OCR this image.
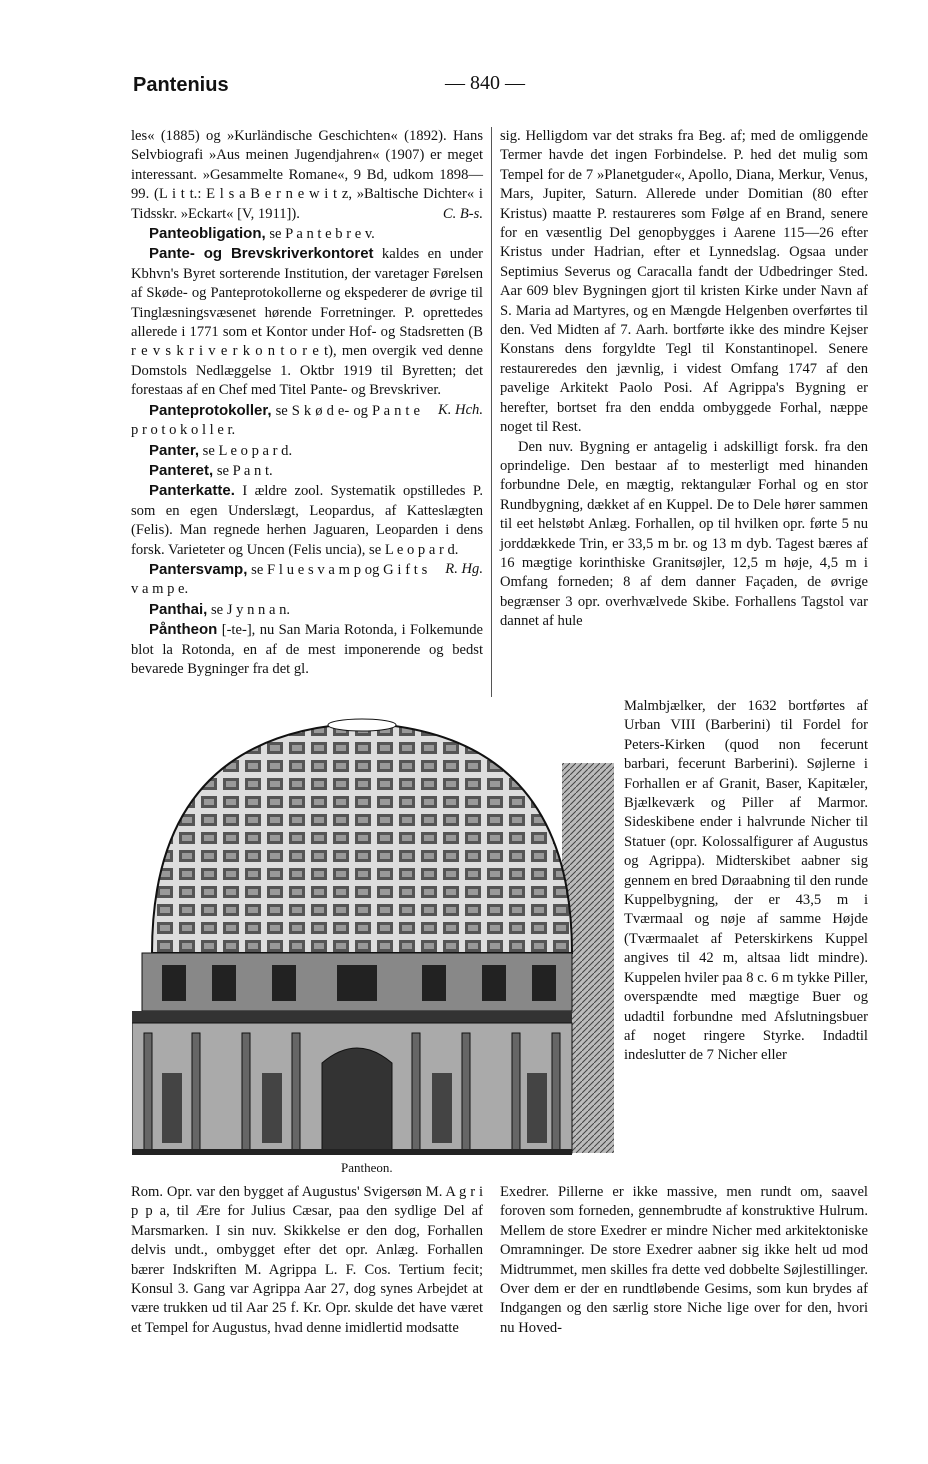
Pantenius	— 840 —

les« (1885) og »Kurländische Geschichten« (1892). Hans Selvbiografi »Aus meinen Jugendjahren« (1907) er meget interessant. »Gesammelte Romane«, 9 Bd, udkom 1898—99. (L i t t.: E l s a B e r n e w i t z, »Baltische Dichter« i Tidsskr. »Eckart« [V, 1911]).	C. B-s.

Panteobligation, se P a n t e b r e v.

Pante- og Brevskriverkontoret kaldes en under Kbhvn's Byret sorterende Institution, der varetager Førelsen af Skøde- og Panteprotokollerne og ekspederer de øvrige til Tinglæsningsvæsenet hørende Forretninger. P. oprettedes allerede i 1771 som et Kontor under Hof- og Stadsretten (B r e v s k r i v e r k o n t o r e t), men overgik ved denne Domstols Nedlæggelse 1. Oktbr 1919 til Byretten; det forestaas af en Chef med Titel Pante- og Brevskriver.
K. Hch.

Panteprotokoller, se S k ø d e- og P a n t e p r o t o k o l l e r.

Panter, se L e o p a r d.

Panteret, se P a n t.

Panterkatte. I ældre zool. Systematik opstilledes P. som en egen Underslægt, Leopardus, af Katteslægten (Felis). Man regnede herhen Jaguaren, Leoparden i dens forsk. Varieteter og Uncen (Felis uncia), se L e o p a r d.
R. Hg.

Pantersvamp, se F l u e s v a m p og G i f t s v a m p e.

Panthai, se J y n n a n.

Påntheon [-te-], nu San Maria Rotonda, i Folkemunde blot la Rotonda, en af de mest imponerende og bedst bevarede Bygninger fra det gl.

sig. Helligdom var det straks fra Beg. af; med de omliggende Termer havde det ingen Forbindelse. P. hed det mulig som Tempel for de 7 »Planetguder«, Apollo, Diana, Merkur, Venus, Mars, Jupiter, Saturn. Allerede under Domitian (80 efter Kristus) maatte P. restaureres som Følge af en Brand, senere for en væsentlig Del genopbygges i Aarene 115—26 efter Kristus under Hadrian, efter et Lynnedslag. Ogsaa under Septimius Severus og Caracalla fandt der Udbedringer Sted. Aar 609 blev Bygningen gjort til kristen Kirke under Navn af S. Maria ad Martyres, og en Mængde Helgenben overførtes til den. Ved Midten af 7. Aarh. bortførte ikke des mindre Kejser Konstans dens forgyldte Tegl til Konstantinopel. Senere restaureredes den jævnlig, i videst Omfang 1747 af den pavelige Arkitekt Paolo Posi. Af Agrippa's Bygning er herefter, bortset fra den endda ombyggede Forhal, næppe noget til Rest.

Den nuv. Bygning er antagelig i adskilligt forsk. fra den oprindelige. Den bestaar af to mesterligt med hinanden forbundne Dele, en mægtig, rektangulær Forhal og en stor Rundbygning, dækket af en Kuppel. De to Dele hører sammen til eet helstøbt Anlæg. Forhallen, op til hvilken opr. førte 5 nu jorddækkede Trin, er 33,5 m br. og 13 m dyb. Tagest bæres af 16 mægtige korinthiske Granitsøjler, 12,5 m høje, 4,5 m i Omfang forneden; 8 af dem danner Façaden, de øvrige begrænser 3 opr. overhvælvede Skibe. Forhallens Tagstol var dannet af hule

Malmbjælker, der 1632 bortførtes af Urban VIII (Barberini) til Fordel for Peters-Kirken (quod non fecerunt barbari, fecerunt Barberini). Søjlerne i Forhallen er af Granit, Baser, Kapitæler, Bjælkeværk og Piller af Marmor. Sideskibene ender i halvrunde Nicher til Statuer (opr. Kolossalfigurer af Augustus og Agrippa). Midterskibet aabner sig gennem en bred Døraabning til den runde Kuppelbygning, der er 43,5 m i Tværmaal og nøje af samme Højde (Tværmaalet af Peterskirkens Kuppel angives til 42 m, altsaa lidt mindre). Kuppelen hviler paa 8 c. 6 m tykke Piller, overspændte med mægtige Buer og udadtil forbundne med Afslutningsbuer af noget ringere Styrke. Indadtil indeslutter de 7 Nicher eller

Pantheon.

Rom. Opr. var den bygget af Augustus' Svigersøn M. A g r i p p a, til Ære for Julius Cæsar, paa den sydlige Del af Marsmarken. I sin nuv. Skikkelse er den dog, Forhallen delvis undt., ombygget efter det opr. Anlæg. Forhallen bærer Indskriften M. Agrippa L. F. Cos. Tertium fecit; Konsul 3. Gang var Agrippa Aar 27, dog synes Arbejdet at være trukken ud til Aar 25 f. Kr. Opr. skulde det have været et Tempel for Augustus, hvad denne imidlertid modsatte

Exedrer. Pillerne er ikke massive, men rundt om, saavel foroven som forneden, gennembrudte af konstruktive Hulrum. Mellem de store Exedrer er mindre Nicher med arkitektoniske Omramninger. De store Exedrer aabner sig ikke helt ud mod Midtrummet, men skilles fra dette ved dobbelte Søjlestillinger. Over dem er der en rundtløbende Gesims, som kun brydes af Indgangen og den særlig store Niche lige over for den, hvori nu Hoved-
